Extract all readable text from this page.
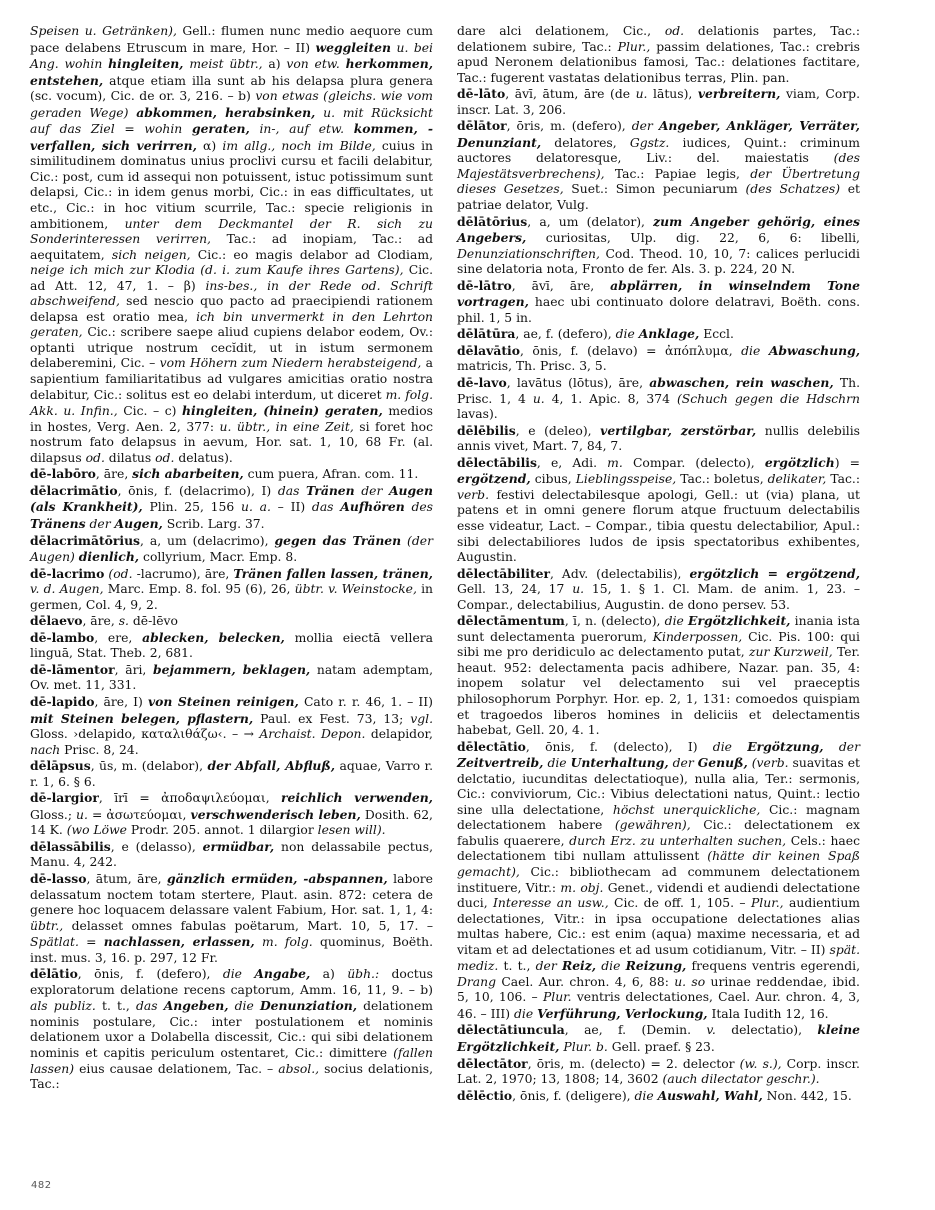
Speisen u. Getränken), Gell.: flumen nunc medio aequore cum pace delabens Etruscum in mare, Hor. – II) weggleiten u. bei Ang. wohin hingleiten, meist übtr., a) von etw. herkommen, entstehen, atque etiam illa sunt ab his delapsa plura genera (sc. vocum), Cic. de or. 3, 216. – b) von etwas (gleichs. wie vom geraden Wege) abkommen, herabsinken, u. mit Rücksicht auf das Ziel = wohin geraten, in-, auf etw. kommen, -verfallen, sich verirren, α) im allg., noch im Bilde, cuius in similitudinem dominatus unius proclivi cursu et facili delabitur, Cic.: post, cum id assequi non potuissent, istuc potissimum sunt delapsi, Cic.: in idem genus morbi, Cic.: in eas difficultates, ut etc., Cic.: in hoc vitium scurrile, Tac.: specie religionis in ambitionem, unter dem Deckmantel der R. sich zu Sonderinteressen verirren, Tac.: ad inopiam, Tac.: ad aequitatem, sich neigen, Cic.: eo magis delabor ad Clodiam, neige ich mich zur Klodia (d. i. zum Kaufe ihres Gartens), Cic. ad Att. 12, 47, 1. – β) ins-bes., in der Rede od. Schrift abschweifend, sed nescio quo pacto ad praecipiendi rationem delapsa est oratio mea, ich bin unvermerkt in den Lehrton geraten, Cic.: scribere saepe aliud cupiens delabor eodem, Ov.: optanti utrique nostrum cecĭdit, ut in istum sermonem delaberemini, Cic. – vom Höhern zum Niedern herabsteigend, a sapientium familiaritatibus ad vulgares amicitias oratio nostra delabitur, Cic.: solitus est eo delabi interdum, ut diceret m. folg. Akk. u. Infin., Cic. – c) hingleiten, (hinein) geraten, medios in hostes, Verg. Aen. 2, 377: u. übtr., in eine Zeit, si foret hoc nostrum fato delapsus in aevum, Hor. sat. 1, 10, 68 Fr. (al. dilapsus od. dilatus od. delatus).

dē-labōro, āre, sich abarbeiten, cum puera, Afran. com. 11.

dēlacrimātio, ōnis, f. (delacrimo), I) das Tränen der Augen (als Krankheit), Plin. 25, 156 u. a. – II) das Aufhören des Tränens der Augen, Scrib. Larg. 37.

dēlacrimātōrius, a, um (delacrimo), gegen das Tränen (der Augen) dienlich, collyrium, Macr. Emp. 8.

dē-lacrimo (od. -lacrumo), āre, Tränen fallen lassen, tränen, v. d. Augen, Marc. Emp. 8. fol. 95 (6), 26, übtr. v. Weinstocke, in germen, Col. 4, 9, 2.

dēlaevo, āre, s. dē-lēvo

dē-lambo, ere, ablecken, belecken, mollia eiectā vellera linguā, Stat. Theb. 2, 681.

dē-lāmentor, āri, bejammern, beklagen, natam ademptam, Ov. met. 11, 331.

dē-lapido, āre, I) von Steinen reinigen, Cato r. r. 46, 1. – II) mit Steinen belegen, pflastern, Paul. ex Fest. 73, 13; vgl. Gloss. ›delapido, καταλιθάζω‹. – → Archaist. Depon. delapidor, nach Prisc. 8, 24.

dēlāpsus, ūs, m. (delabor), der Abfall, Abfluß, aquae, Varro r. r. 1, 6. § 6.

dē-largior, īrī = ἀποδαψιλεύομαι, reichlich verwenden, Gloss.; u. = ἀσωτεύομαι, verschwenderisch leben, Dosith. 62, 14 K. (wo Löwe Prodr. 205. annot. 1 dilargior lesen will).

dēlassābilis, e (delasso), ermüdbar, non delassabile pectus, Manu. 4, 242.

dē-lasso, ātum, āre, gänzlich ermüden, -abspannen, labore delassatum noctem totam stertere, Plaut. asin. 872: cetera de genere hoc loquacem delassare valent Fabium, Hor. sat. 1, 1, 4: übtr., delasset omnes fabulas poëtarum, Mart. 10, 5, 17. – Spätlat. = nachlassen, erlassen, m. folg. quominus, Boëth. inst. mus. 3, 16. p. 297, 12 Fr.

dēlātio, ōnis, f. (defero), die Angabe, a) übh.: doctus exploratorum delatione recens captorum, Amm. 16, 11, 9. – b) als publiz. t. t., das Angeben, die Denunziation, delationem nominis postulare, Cic.: inter postulationem et nominis delationem uxor a Dolabella discessit, Cic.: qui sibi delationem nominis et capitis periculum ostentaret, Cic.: dimittere (fallen lassen) eius causae delationem, Tac. – absol., socius delationis, Tac.:

dare alci delationem, Cic., od. delationis partes, Tac.: delationem subire, Tac.: Plur., passim delationes, Tac.: crebris apud Neronem delationibus famosi, Tac.: delationes factitare, Tac.: fugerent vastatas delationibus terras, Plin. pan.

dē-lāto, āvī, ātum, āre (de u. lātus), verbreitern, viam, Corp. inscr. Lat. 3, 206.

dēlātor, ōris, m. (defero), der Angeber, Ankläger, Verräter, Denunziant, delatores, Ggstz. iudices, Quint.: criminum auctores delatoresque, Liv.: del. maiestatis (des Majestätsverbrechens), Tac.: Papiae legis, der Übertretung dieses Gesetzes, Suet.: Simon pecuniarum (des Schatzes) et patriae delator, Vulg.

dēlātōrius, a, um (delator), zum Angeber gehörig, eines Angebers, curiositas, Ulp. dig. 22, 6, 6: libelli, Denunziationschriften, Cod. Theod. 10, 10, 7: calices perlucidi sine delatoria nota, Fronto de fer. Als. 3. p. 224, 20 N.

dē-lātro, āvī, āre, abplärren, in winselndem Tone vortragen, haec ubi continuato dolore delatravi, Boëth. cons. phil. 1, 5 in.

dēlātūra, ae, f. (defero), die Anklage, Eccl.

dēlavātio, ōnis, f. (delavo) = ἀπόπλυμα, die Abwaschung, matricis, Th. Prisc. 3, 5.

dē-lavo, lavātus (lōtus), āre, abwaschen, rein waschen, Th. Prisc. 1, 4 u. 4, 1. Apic. 8, 374 (Schuch gegen die Hdschrn lavas).

dēlēbilis, e (deleo), vertilgbar, zerstörbar, nullis delebilis annis vivet, Mart. 7, 84, 7.

dēlectābilis, e, Adi. m. Compar. (delecto), ergötzlich) = ergötzend, cibus, Lieblingsspeise, Tac.: boletus, delikater, Tac.: verb. festivi delectabilesque apologi, Gell.: ut (via) plana, ut patens et in omni genere florum atque fructuum delectabilis esse videatur, Lact. – Compar., tibia questu delectabilior, Apul.: sibi delectabiliores ludos de ipsis spectatoribus exhibentes, Augustin.

dēlectābiliter, Adv. (delectabilis), ergötzlich = ergötzend, Gell. 13, 24, 17 u. 15, 1. § 1. Cl. Mam. de anim. 1, 23. – Compar., delectabilius, Augustin. de dono persev. 53.

dēlectāmentum, ī, n. (delecto), die Ergötzlichkeit, inania ista sunt delectamenta puerorum, Kinderpossen, Cic. Pis. 100: qui sibi me pro deridiculo ac delectamento putat, zur Kurzweil, Ter. heaut. 952: delectamenta pacis adhibere, Nazar. pan. 35, 4: inopem solatur vel delectamento sui vel praeceptis philosophorum Porphyr. Hor. ep. 2, 1, 131: comoedos quispiam et tragoedos liberos homines in deliciis et delectamentis habebat, Gell. 20, 4. 1.

dēlectātio, ōnis, f. (delecto), I) die Ergötzung, der Zeitvertreib, die Unterhaltung, der Genuß, (verb. suavitas et delctatio, iucunditas delectatioque), nulla alia, Ter.: sermonis, Cic.: conviviorum, Cic.: Vibius delectationi natus, Quint.: lectio sine ulla delectatione, höchst unerquickliche, Cic.: magnam delectationem habere (gewähren), Cic.: delectationem ex fabulis quaerere, durch Erz. zu unterhalten suchen, Cels.: haec delectationem tibi nullam attulissent (hätte dir keinen Spaß gemacht), Cic.: bibliothecam ad communem delectationem instituere, Vitr.: m. obj. Genet., videndi et audiendi delectatione duci, Interesse an usw., Cic. de off. 1, 105. – Plur., audientium delectationes, Vitr.: in ipsa occupatione delectationes alias multas habere, Cic.: est enim (aqua) maxime necessaria, et ad vitam et ad delectationes et ad usum cotidianum, Vitr. – II) spät. mediz. t. t., der Reiz, die Reizung, frequens ventris egerendi, Drang Cael. Aur. chron. 4, 6, 88: u. so urinae reddendae, ibid. 5, 10, 106. – Plur. ventris delectationes, Cael. Aur. chron. 4, 3, 46. – III) die Verführung, Verlockung, Itala Iudith 12, 16.

dēlectātiuncula, ae, f. (Demin. v. delectatio), kleine Ergötzlichkeit, Plur. b. Gell. praef. § 23.

dēlectātor, ōris, m. (delecto) = 2. delector (w. s.), Corp. inscr. Lat. 2, 1970; 13, 1808; 14, 3602 (auch dilectator geschr.).

dēlēctio, ōnis, f. (deligere), die Auswahl, Wahl, Non. 442, 15.

482
